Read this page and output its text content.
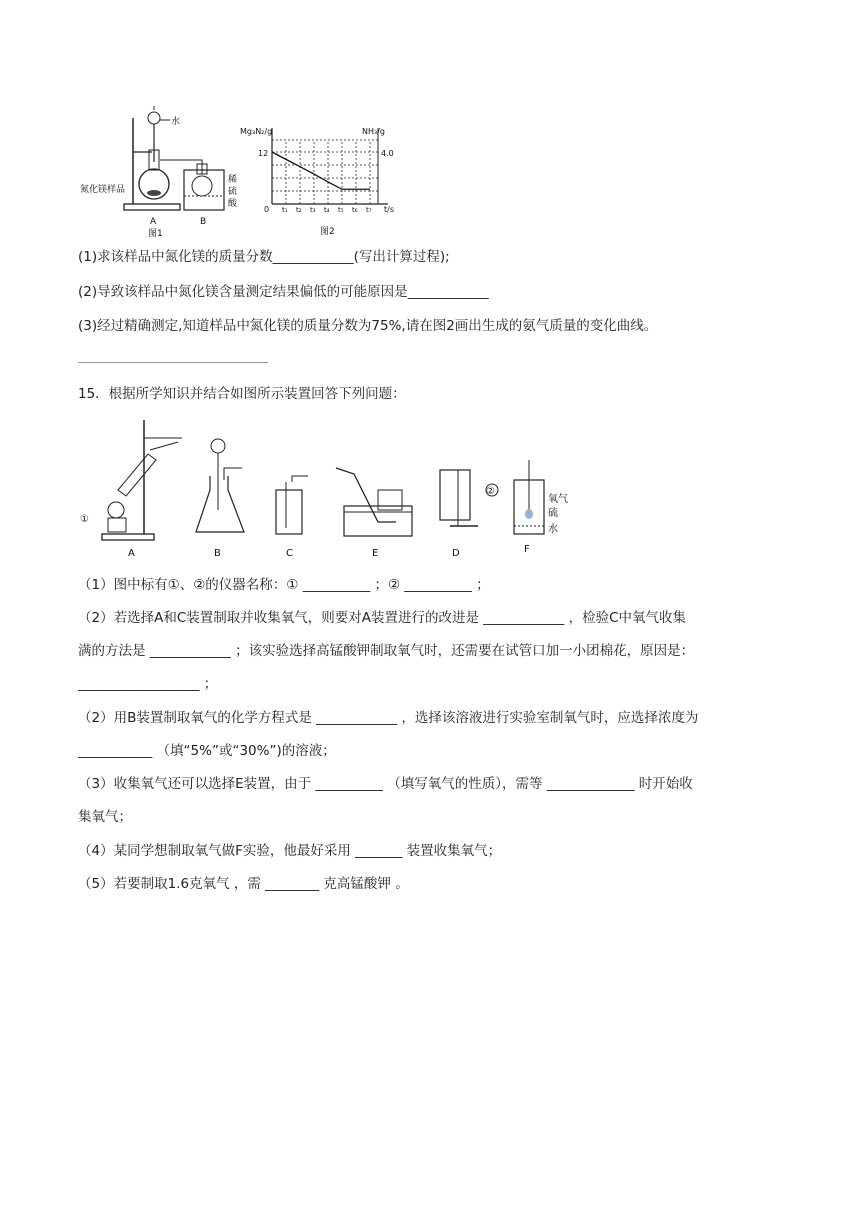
水
氮化镁样品
稀
硫
酸
A	B
图1
Mg₃N₂/g	NH₃/g
12	4.0
0 t₁ t₂ t₃ t₄ t₅ t₆ t₇ t/s
图2
(1)求该样品中氮化镁的质量分数____________(写出计算过程);
(2)导致该样品中氮化镁含量测定结果偏低的可能原因是____________
(3)经过精确测定,知道样品中氮化镁的质量分数为75%,请在图2画出生成的氨气质量的变化曲线。
15．根据所学知识并结合如图所示装置回答下列问题：
①
A	B	C	E
②
D
氧气
硫
水
F
（1）图中标有①、②的仪器名称：① __________ ；② __________ ；
（2）若选择A和C装置制取并收集氧气，则要对A装置进行的改进是 ____________ ，检验C中氧气收集
满的方法是 ____________ ；该实验选择高锰酸钾制取氧气时，还需要在试管口加一小团棉花，原因是：
__________________ ；
（2）用B装置制取氧气的化学方程式是 ____________ ，选择该溶液进行实验室制氧气时，应选择浓度为
___________ （填“5%”或“30%”)的溶液；
（3）收集氧气还可以选择E装置，由于 __________ （填写氧气的性质），需等 _____________ 时开始收
集氧气；
（4）某同学想制取氧气做F实验，他最好采用 _______ 装置收集氧气；
（5）若要制取1.6克氧气 ，需 ________ 克高锰酸钾 。
